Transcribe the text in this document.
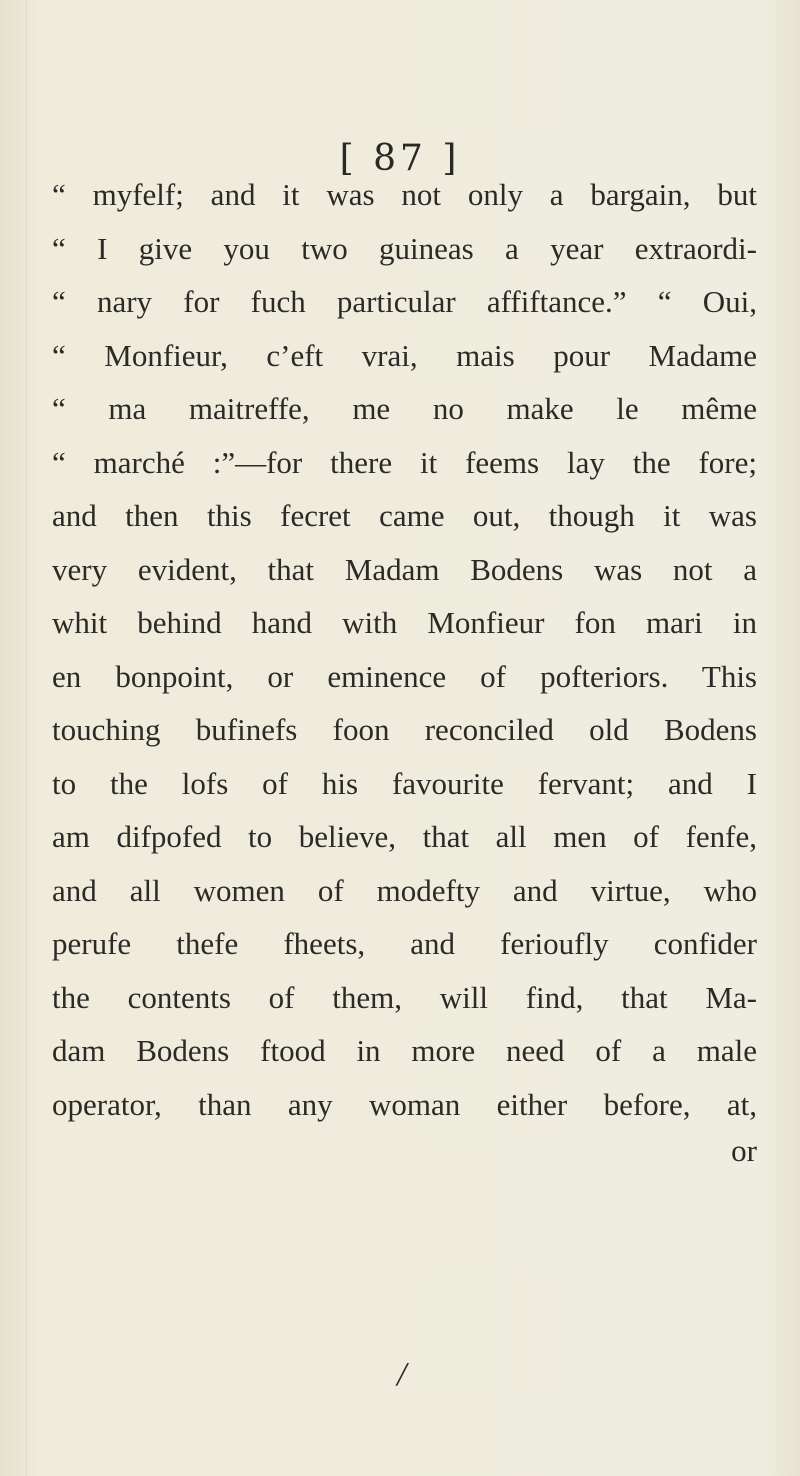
[ 87 ]
“ myfelf; and it was not only a bargain, but
“ I give you two guineas a year extraordi-
“ nary for fuch particular affiftance.” “ Oui,
“ Monfieur, c’eft vrai, mais pour Madame
“ ma maitreffe, me no make le même
“ marché :”—for there it feems lay the fore;
and then this fecret came out, though it was
very evident, that Madam Bodens was not a
whit behind hand with Monfieur fon mari in
en bonpoint, or eminence of pofteriors. This
touching bufinefs foon reconciled old Bodens
to the lofs of his favourite fervant; and I
am difpofed to believe, that all men of fenfe,
and all women of modefty and virtue, who
perufe thefe fheets, and ferioufly confider
the contents of them, will find, that Ma-
dam Bodens ftood in more need of a male
operator, than any woman either before, at,
or
/
